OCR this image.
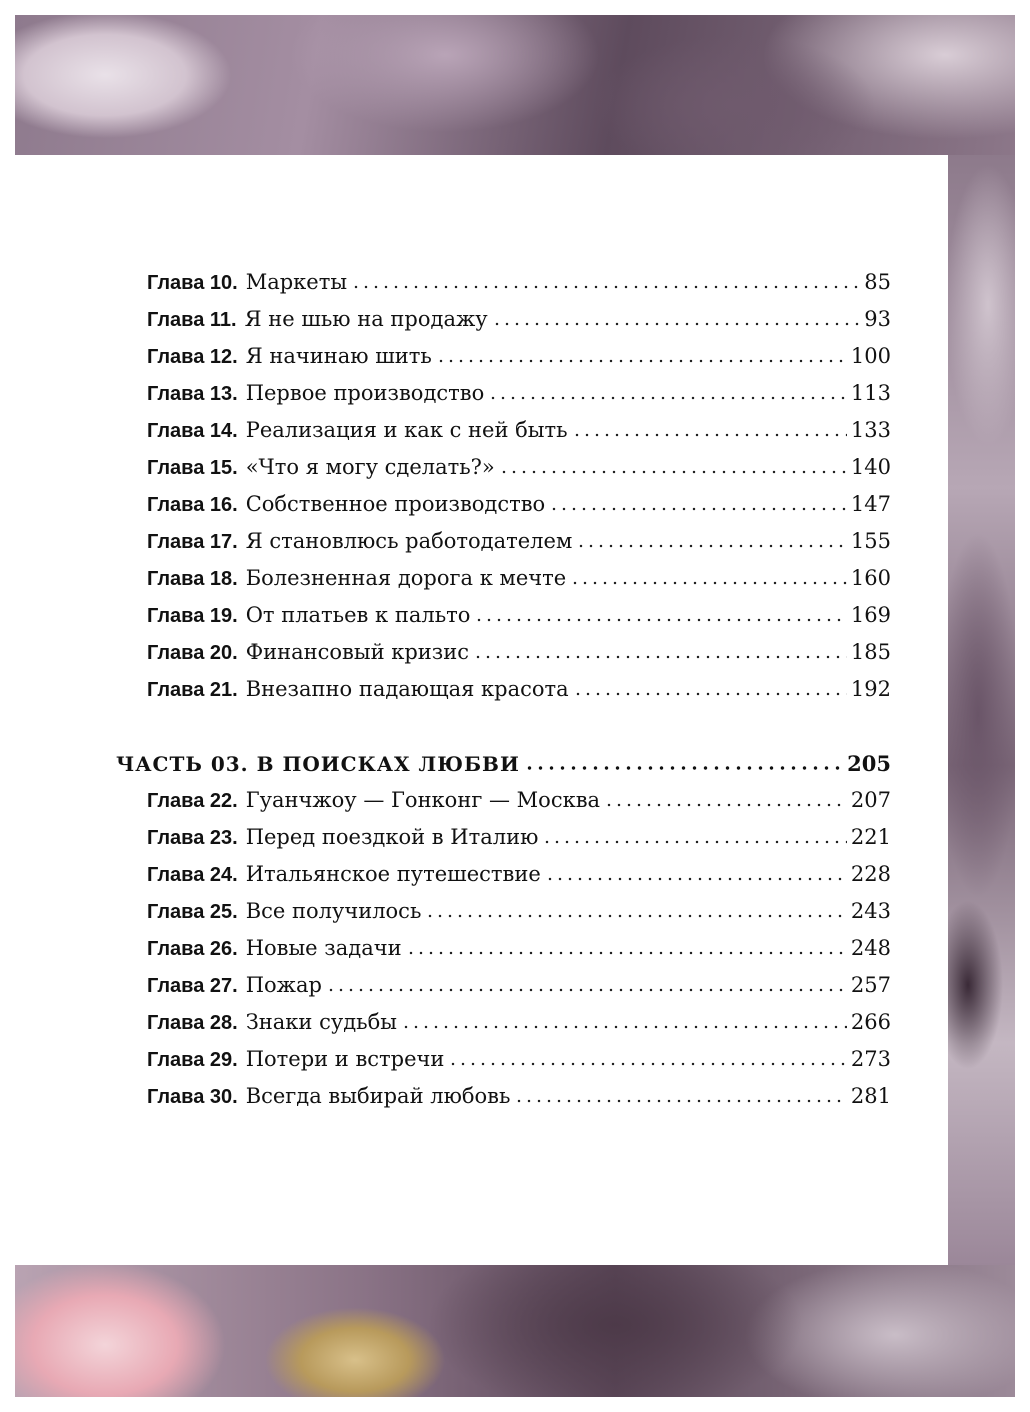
Глава 10. Маркеты	85
Глава 11. Я не шью на продажу	93
Глава 12. Я начинаю шить	100
Глава 13. Первое производство	113
Глава 14. Реализация и как с ней быть	133
Глава 15. «Что я могу сделать?»	140
Глава 16. Собственное производство	147
Глава 17. Я становлюсь работодателем	155
Глава 18. Болезненная дорога к мечте	160
Глава 19. От платьев к пальто	169
Глава 20. Финансовый кризис	185
Глава 21. Внезапно падающая красота	192
ЧАСТЬ 03. В ПОИСКАХ ЛЮБВИ	205
Глава 22. Гуанчжоу — Гонконг — Москва	207
Глава 23. Перед поездкой в Италию	221
Глава 24. Итальянское путешествие	228
Глава 25. Все получилось	243
Глава 26. Новые задачи	248
Глава 27. Пожар	257
Глава 28. Знаки судьбы	266
Глава 29. Потери и встречи	273
Глава 30. Всегда выбирай любовь	281
